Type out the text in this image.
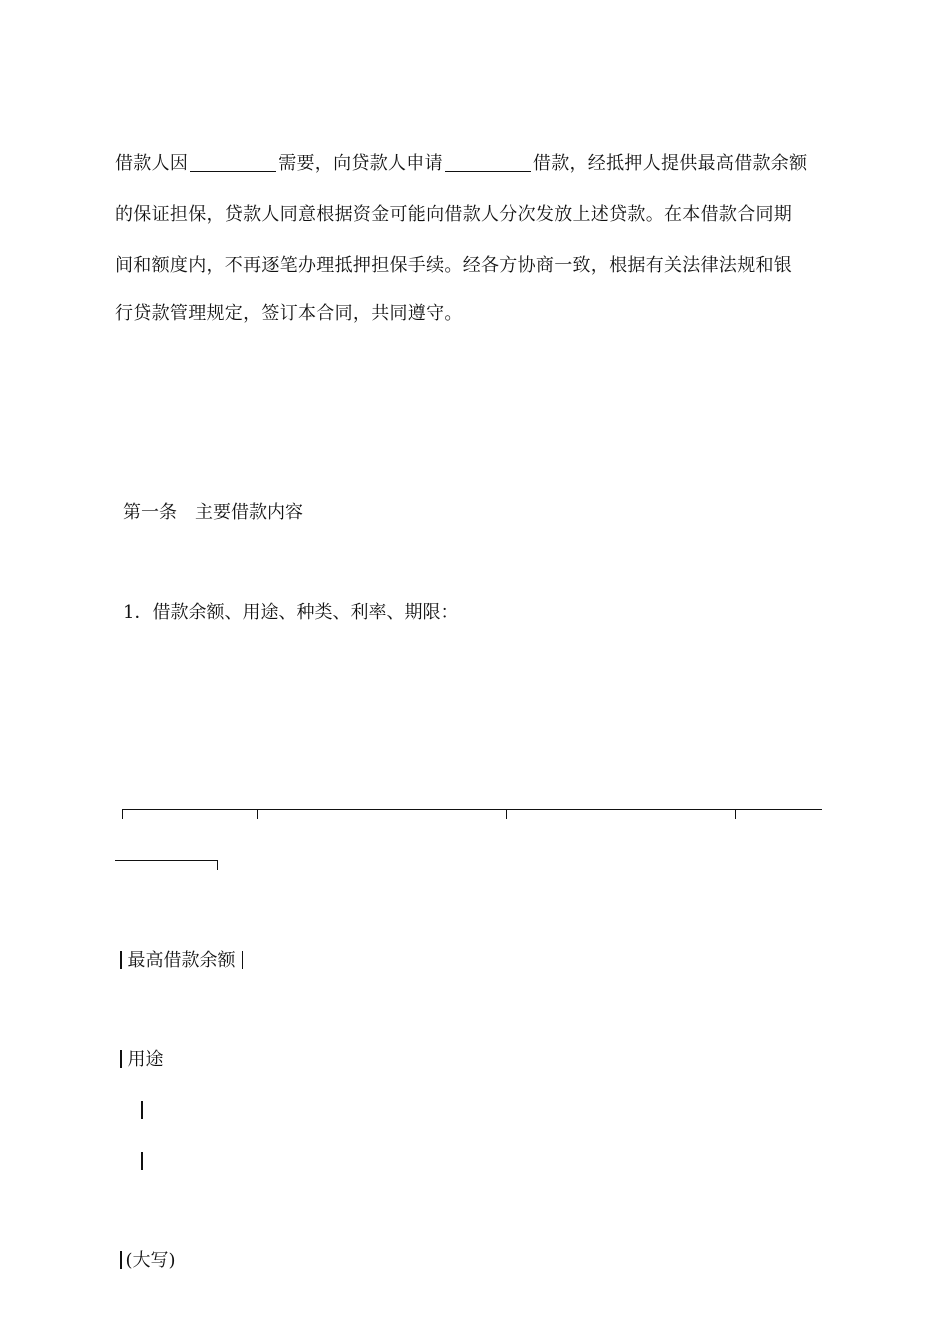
借款人因	需要，向贷款人申请	借款，经抵押人提供最高借款余额
的保证担保，贷款人同意根据资金可能向借款人分次发放上述贷款。在本借款合同期
间和额度内，不再逐笔办理抵押担保手续。经各方协商一致，根据有关法律法规和银
行贷款管理规定，签订本合同，共同遵守。
第一条　主要借款内容
1．借款余额、用途、种类、利率、期限：
最高借款余额
用途
(大写)
